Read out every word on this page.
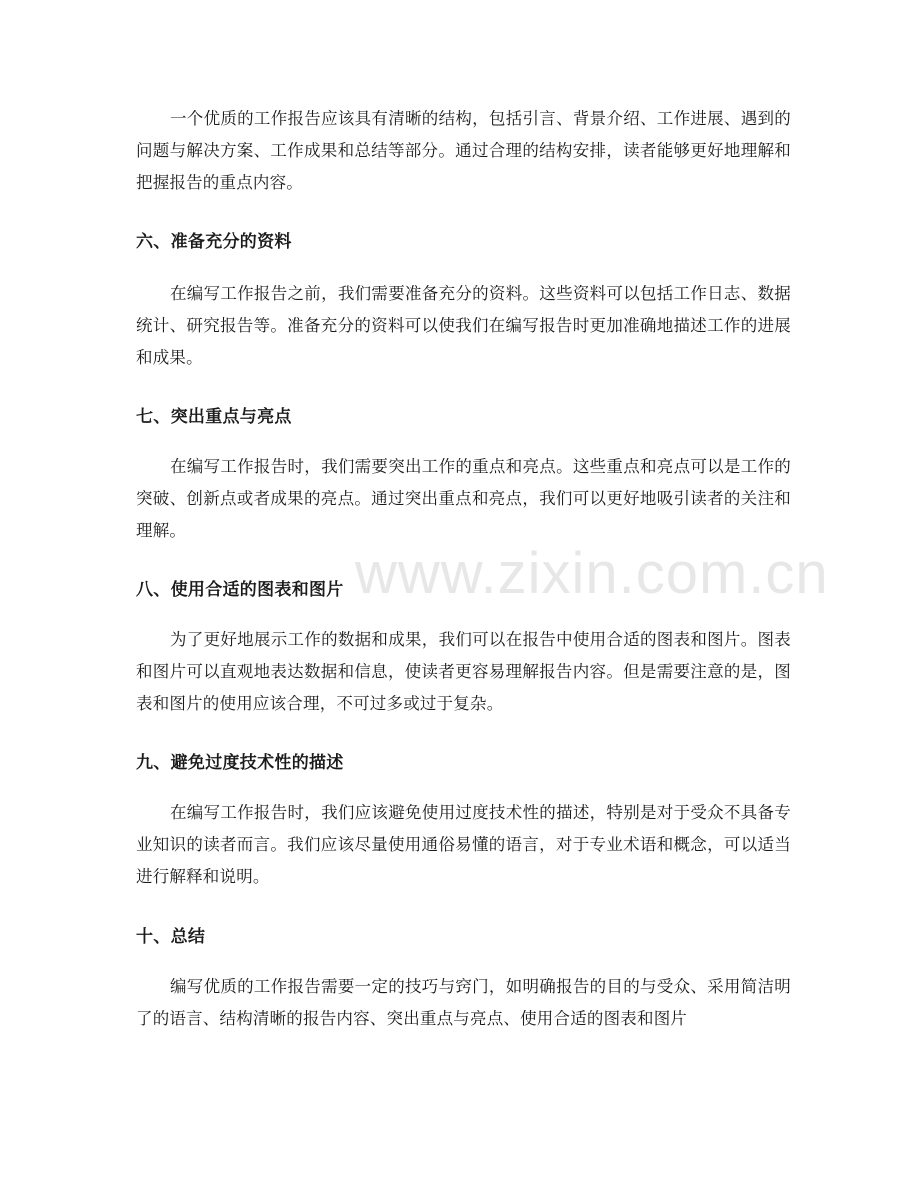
一个优质的工作报告应该具有清晰的结构，包括引言、背景介绍、工作进展、遇到的问题与解决方案、工作成果和总结等部分。通过合理的结构安排，读者能够更好地理解和把握报告的重点内容。

六、准备充分的资料

在编写工作报告之前，我们需要准备充分的资料。这些资料可以包括工作日志、数据统计、研究报告等。准备充分的资料可以使我们在编写报告时更加准确地描述工作的进展和成果。

七、突出重点与亮点

在编写工作报告时，我们需要突出工作的重点和亮点。这些重点和亮点可以是工作的突破、创新点或者成果的亮点。通过突出重点和亮点，我们可以更好地吸引读者的关注和理解。

八、使用合适的图表和图片

为了更好地展示工作的数据和成果，我们可以在报告中使用合适的图表和图片。图表和图片可以直观地表达数据和信息，使读者更容易理解报告内容。但是需要注意的是，图表和图片的使用应该合理，不可过多或过于复杂。

九、避免过度技术性的描述

在编写工作报告时，我们应该避免使用过度技术性的描述，特别是对于受众不具备专业知识的读者而言。我们应该尽量使用通俗易懂的语言，对于专业术语和概念，可以适当进行解释和说明。

十、总结

编写优质的工作报告需要一定的技巧与窍门，如明确报告的目的与受众、采用简洁明了的语言、结构清晰的报告内容、突出重点与亮点、使用合适的图表和图片

www.zixin.com.cn
